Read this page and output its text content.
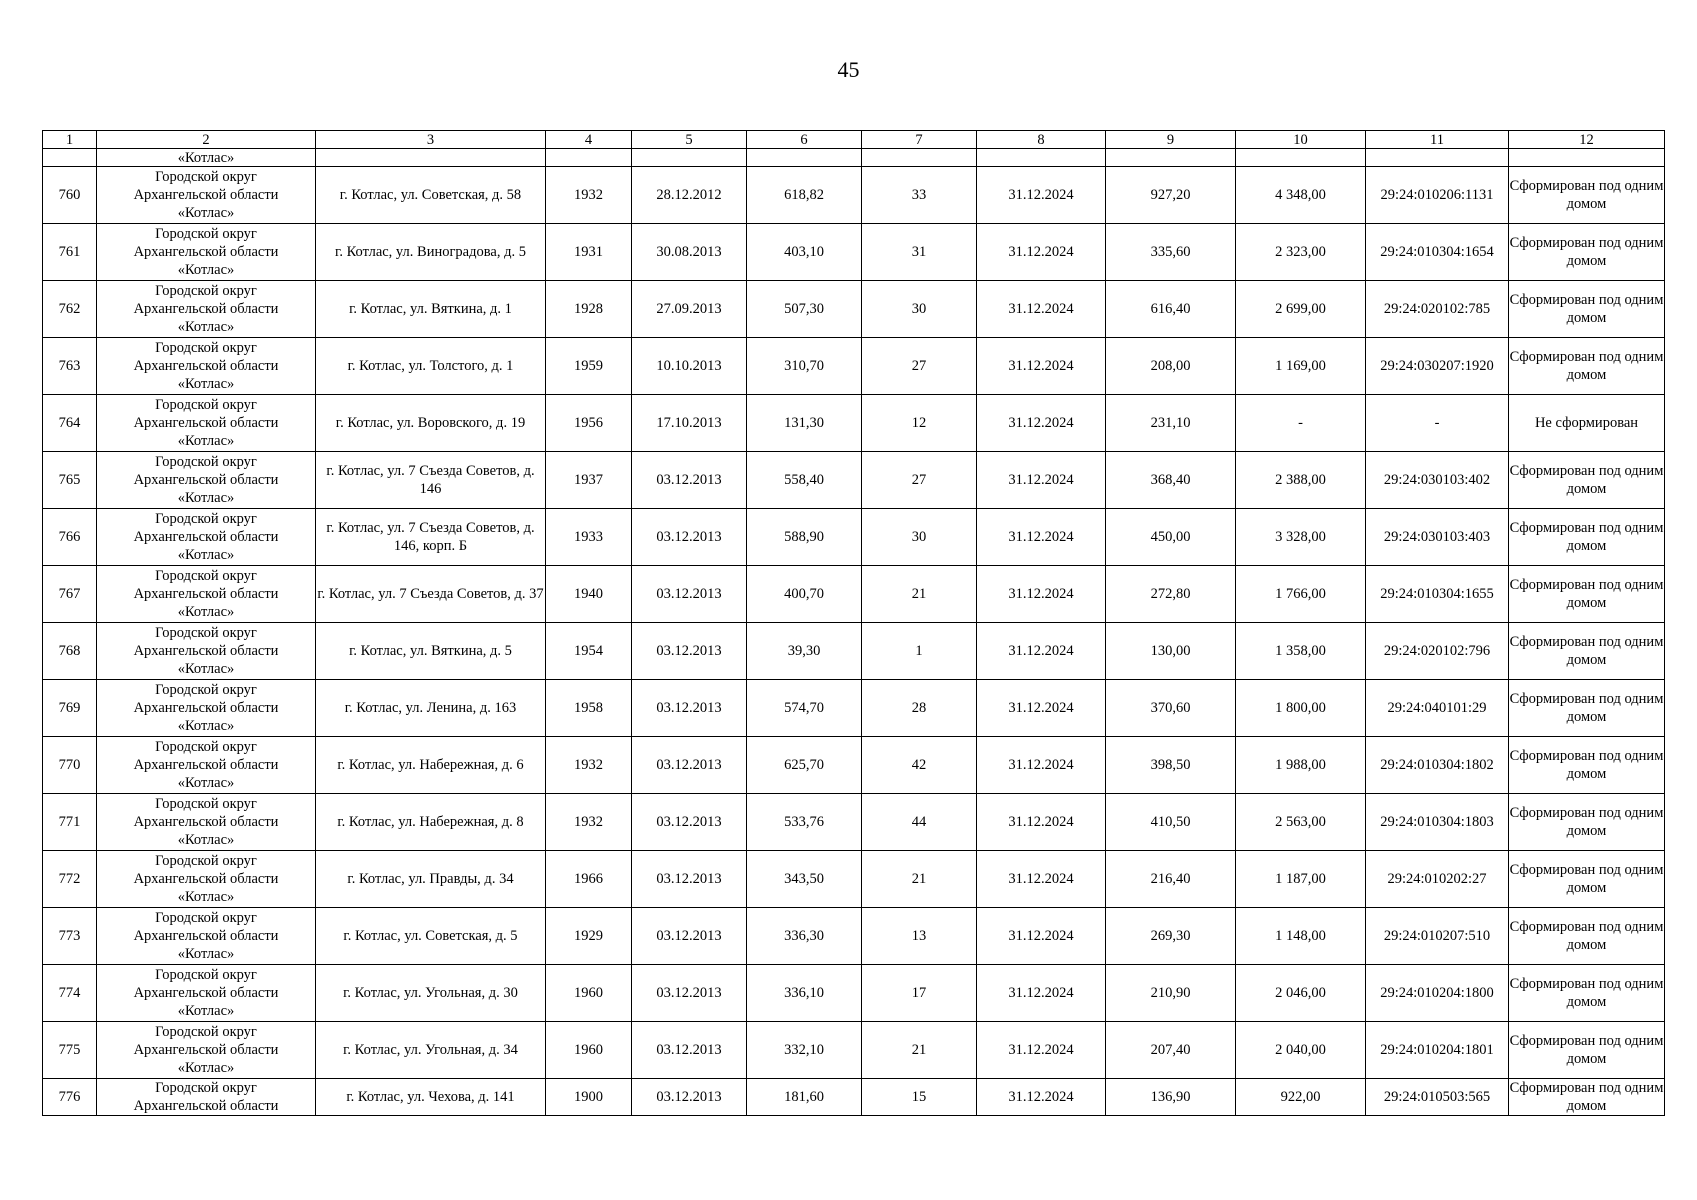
45
1	2	3	4	5	6	7	8	9	10	11	12
	«Котлас»										
760	Городской округ
Архангельской области
«Котлас»	г. Котлас, ул. Советская, д. 58	1932	28.12.2012	618,82	33	31.12.2024	927,20	4 348,00	29:24:010206:1131	Сформирован под одним домом
761	Городской округ
Архангельской области
«Котлас»	г. Котлас, ул. Виноградова, д. 5	1931	30.08.2013	403,10	31	31.12.2024	335,60	2 323,00	29:24:010304:1654	Сформирован под одним домом
762	Городской округ
Архангельской области
«Котлас»	г. Котлас, ул. Вяткина, д. 1	1928	27.09.2013	507,30	30	31.12.2024	616,40	2 699,00	29:24:020102:785	Сформирован под одним домом
763	Городской округ
Архангельской области
«Котлас»	г. Котлас, ул. Толстого, д. 1	1959	10.10.2013	310,70	27	31.12.2024	208,00	1 169,00	29:24:030207:1920	Сформирован под одним домом
764	Городской округ
Архангельской области
«Котлас»	г. Котлас, ул. Воровского, д. 19	1956	17.10.2013	131,30	12	31.12.2024	231,10	-	-	Не сформирован
765	Городской округ
Архангельской области
«Котлас»	г. Котлас, ул. 7 Съезда Советов, д. 146	1937	03.12.2013	558,40	27	31.12.2024	368,40	2 388,00	29:24:030103:402	Сформирован под одним домом
766	Городской округ
Архангельской области
«Котлас»	г. Котлас, ул. 7 Съезда Советов, д. 146, корп. Б	1933	03.12.2013	588,90	30	31.12.2024	450,00	3 328,00	29:24:030103:403	Сформирован под одним домом
767	Городской округ
Архангельской области
«Котлас»	г. Котлас, ул. 7 Съезда Советов, д. 37	1940	03.12.2013	400,70	21	31.12.2024	272,80	1 766,00	29:24:010304:1655	Сформирован под одним домом
768	Городской округ
Архангельской области
«Котлас»	г. Котлас, ул. Вяткина, д. 5	1954	03.12.2013	39,30	1	31.12.2024	130,00	1 358,00	29:24:020102:796	Сформирован под одним домом
769	Городской округ
Архангельской области
«Котлас»	г. Котлас, ул. Ленина, д. 163	1958	03.12.2013	574,70	28	31.12.2024	370,60	1 800,00	29:24:040101:29	Сформирован под одним домом
770	Городской округ
Архангельской области
«Котлас»	г. Котлас, ул. Набережная, д. 6	1932	03.12.2013	625,70	42	31.12.2024	398,50	1 988,00	29:24:010304:1802	Сформирован под одним домом
771	Городской округ
Архангельской области
«Котлас»	г. Котлас, ул. Набережная, д. 8	1932	03.12.2013	533,76	44	31.12.2024	410,50	2 563,00	29:24:010304:1803	Сформирован под одним домом
772	Городской округ
Архангельской области
«Котлас»	г. Котлас, ул. Правды, д. 34	1966	03.12.2013	343,50	21	31.12.2024	216,40	1 187,00	29:24:010202:27	Сформирован под одним домом
773	Городской округ
Архангельской области
«Котлас»	г. Котлас, ул. Советская, д. 5	1929	03.12.2013	336,30	13	31.12.2024	269,30	1 148,00	29:24:010207:510	Сформирован под одним домом
774	Городской округ
Архангельской области
«Котлас»	г. Котлас, ул. Угольная, д. 30	1960	03.12.2013	336,10	17	31.12.2024	210,90	2 046,00	29:24:010204:1800	Сформирован под одним домом
775	Городской округ
Архангельской области
«Котлас»	г. Котлас, ул. Угольная, д. 34	1960	03.12.2013	332,10	21	31.12.2024	207,40	2 040,00	29:24:010204:1801	Сформирован под одним домом
776	Городской округ
Архангельской области	г. Котлас, ул. Чехова, д. 141	1900	03.12.2013	181,60	15	31.12.2024	136,90	922,00	29:24:010503:565	Сформирован под одним домом
